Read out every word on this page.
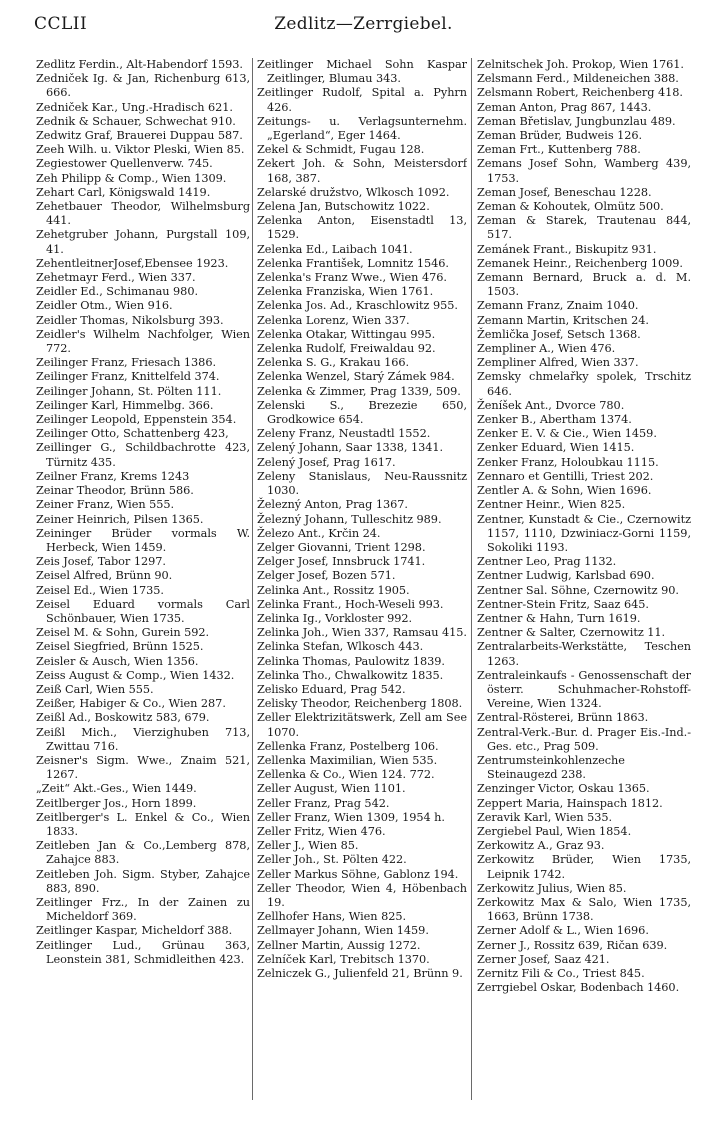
CCLII	Zedlitz—Zerrgiebel.
Zedlitz Ferdin., Alt-Habendorf 1593.
Zedniček Ig. & Jan, Richenburg 613, 666.
Zedniček Kar., Ung.-Hradisch 621.
Zednik & Schauer, Schwechat 910.
Zedwitz Graf, Brauerei Duppau 587.
Zeeh Wilh. u. Viktor Pleski, Wien 85.
Zegiestower Quellenverw. 745.
Zeh Philipp & Comp., Wien 1309.
Zehart Carl, Königswald 1419.
Zehetbauer Theodor, Wilhelmsburg 441.
Zehetgruber Johann, Purgstall 109, 41.
ZehentleitnerJosef,Ebensee 1923.
Zehetmayr Ferd., Wien 337.
Zeidler Ed., Schimanau 980.
Zeidler Otm., Wien 916.
Zeidler Thomas, Nikolsburg 393.
Zeidler's Wilhelm Nachfolger, Wien 772.
Zeilinger Franz, Friesach 1386.
Zeilinger Franz, Knittelfeld 374.
Zeilinger Johann, St. Pölten 111.
Zeilinger Karl, Himmelbg. 366.
Zeilinger Leopold, Eppenstein 354.
Zeilinger Otto, Schattenberg 423,
Zeillinger G., Schildbachrotte 423, Türnitz 435.
Zeilner Franz, Krems 1243
Zeinar Theodor, Brünn 586.
Zeiner Franz, Wien 555.
Zeiner Heinrich, Pilsen 1365.
Zeininger Brüder vormals W. Herbeck, Wien 1459.
Zeis Josef, Tabor 1297.
Zeisel Alfred, Brünn 90.
Zeisel Ed., Wien 1735.
Zeisel Eduard vormals Carl Schönbauer, Wien 1735.
Zeisel M. & Sohn, Gurein 592.
Zeisel Siegfried, Brünn 1525.
Zeisler & Ausch, Wien 1356.
Zeiss August & Comp., Wien 1432.
Zeiß Carl, Wien 555.
Zeißer, Habiger & Co., Wien 287.
Zeißl Ad., Boskowitz 583, 679.
Zeißl Mich., Vierzighuben 713, Zwittau 716.
Zeisner's Sigm. Wwe., Znaim 521, 1267.
„Zeit“ Akt.-Ges., Wien 1449.
Zeitlberger Jos., Horn 1899.
Zeitlberger's L. Enkel & Co., Wien 1833.
Zeitleben Jan & Co.,Lemberg 878, Zahajce 883.
Zeitleben Joh. Sigm. Styber, Zahajce 883, 890.
Zeitlinger Frz., In der Zainen zu Micheldorf 369.
Zeitlinger Kaspar, Micheldorf 388.
Zeitlinger Lud., Grünau 363, Leonstein 381, Schmidleithen 423.
Zeitlinger Michael Sohn Kaspar Zeitlinger, Blumau 343.
Zeitlinger Rudolf, Spital a. Pyhrn 426.
Zeitungs- u. Verlagsunternehm. „Egerland“, Eger 1464.
Zekel & Schmidt, Fugau 128.
Zekert Joh. & Sohn, Meistersdorf 168, 387.
Zelarské družstvo, Wlkosch 1092.
Zelena Jan, Butschowitz 1022.
Zelenka Anton, Eisenstadtl 13, 1529.
Zelenka Ed., Laibach 1041.
Zelenka František, Lomnitz 1546.
Zelenka's Franz Wwe., Wien 476.
Zelenka Franziska, Wien 1761.
Zelenka Jos. Ad., Kraschlowitz 955.
Zelenka Lorenz, Wien 337.
Zelenka Otakar, Wittingau 995.
Zelenka Rudolf, Freiwaldau 92.
Zelenka S. G., Krakau 166.
Zelenka Wenzel, Starý Zámek 984.
Zelenka & Zimmer, Prag 1339, 509.
Zelenski S., Brezezie 650, Grodkowice 654.
Zeleny Franz, Neustadtl 1552.
Zelený Johann, Saar 1338, 1341.
Zelený Josef, Prag 1617.
Zeleny Stanislaus, Neu-Raussnitz 1030.
Železný Anton, Prag 1367.
Železný Johann, Tulleschitz 989.
Železo Ant., Krčin 24.
Zelger Giovanni, Trient 1298.
Zelger Josef, Innsbruck 1741.
Zelger Josef, Bozen 571.
Zelinka Ant., Rossitz 1905.
Zelinka Frant., Hoch-Weseli 993.
Zelinka Ig., Vorkloster 992.
Zelinka Joh., Wien 337, Ramsau 415.
Zelinka Stefan, Wlkosch 443.
Zelinka Thomas, Paulowitz 1839.
Zelinka Tho., Chwalkowitz 1835.
Zelisko Eduard, Prag 542.
Zelisky Theodor, Reichenberg 1808.
Zeller Elektrizitätswerk, Zell am See 1070.
Zellenka Franz, Postelberg 106.
Zellenka Maximilian, Wien 535.
Zellenka & Co., Wien 124. 772.
Zeller August, Wien 1101.
Zeller Franz, Prag 542.
Zeller Franz, Wien 1309, 1954 h.
Zeller Fritz, Wien 476.
Zeller J., Wien 85.
Zeller Joh., St. Pölten 422.
Zeller Markus Söhne, Gablonz 194.
Zeller Theodor, Wien 4, Höbenbach 19.
Zellhofer Hans, Wien 825.
Zellmayer Johann, Wien 1459.
Zellner Martin, Aussig 1272.
Zelníček Karl, Trebitsch 1370.
Zelniczek G., Julienfeld 21, Brünn 9.
Zelnitschek Joh. Prokop, Wien 1761.
Zelsmann Ferd., Mildeneichen 388.
Zelsmann Robert, Reichenberg 418.
Zeman Anton, Prag 867, 1443.
Zeman Břetislav, Jungbunzlau 489.
Zeman Brüder, Budweis 126.
Zeman Frt., Kuttenberg 788.
Zemans Josef Sohn, Wamberg 439, 1753.
Zeman Josef, Beneschau 1228.
Zeman & Kohoutek, Olmütz 500.
Zeman & Starek, Trautenau 844, 517.
Zemánek Frant., Biskupitz 931.
Zemanek Heinr., Reichenberg 1009.
Zemann Bernard, Bruck a. d. M. 1503.
Zemann Franz, Znaim 1040.
Zemann Martin, Kritschen 24.
Žemlička Josef, Setsch 1368.
Zempliner A., Wien 476.
Zempliner Alfred, Wien 337.
Zemsky chmelařky spolek, Trschitz 646.
Ženíšek Ant., Dvorce 780.
Zenker B., Abertham 1374.
Zenker E. V. & Cie., Wien 1459.
Zenker Eduard, Wien 1415.
Zenker Franz, Holoubkau 1115.
Zennaro et Gentilli, Triest 202.
Zentler A. & Sohn, Wien 1696.
Zentner Heinr., Wien 825.
Zentner, Kunstadt & Cie., Czernowitz 1157, 1110, Dzwiniacz-Gorni 1159, Sokoliki 1193.
Zentner Leo, Prag 1132.
Zentner Ludwig, Karlsbad 690.
Zentner Sal. Söhne, Czernowitz 90.
Zentner-Stein Fritz, Saaz 645.
Zentner & Hahn, Turn 1619.
Zentner & Salter, Czernowitz 11.
Zentralarbeits-Werkstätte, Teschen 1263.
Zentraleinkaufs - Genossenschaft der österr. Schuhmacher-Rohstoff-Vereine, Wien 1324.
Zentral-Rösterei, Brünn 1863.
Zentral-Verk.-Bur. d. Prager Eis.-Ind.-Ges. etc., Prag 509.
Zentrumsteinkohlenzeche Steinaugezd 238.
Zenzinger Victor, Oskau 1365.
Zeppert Maria, Hainspach 1812.
Zeravik Karl, Wien 535.
Zergiebel Paul, Wien 1854.
Zerkowitz A., Graz 93.
Zerkowitz Brüder, Wien 1735, Leipnik 1742.
Zerkowitz Julius, Wien 85.
Zerkowitz Max & Salo, Wien 1735, 1663, Brünn 1738.
Zerner Adolf & L., Wien 1696.
Zerner J., Rossitz 639, Ričan 639.
Zerner Josef, Saaz 421.
Zernitz Fili & Co., Triest 845.
Zerrgiebel Oskar, Bodenbach 1460.
